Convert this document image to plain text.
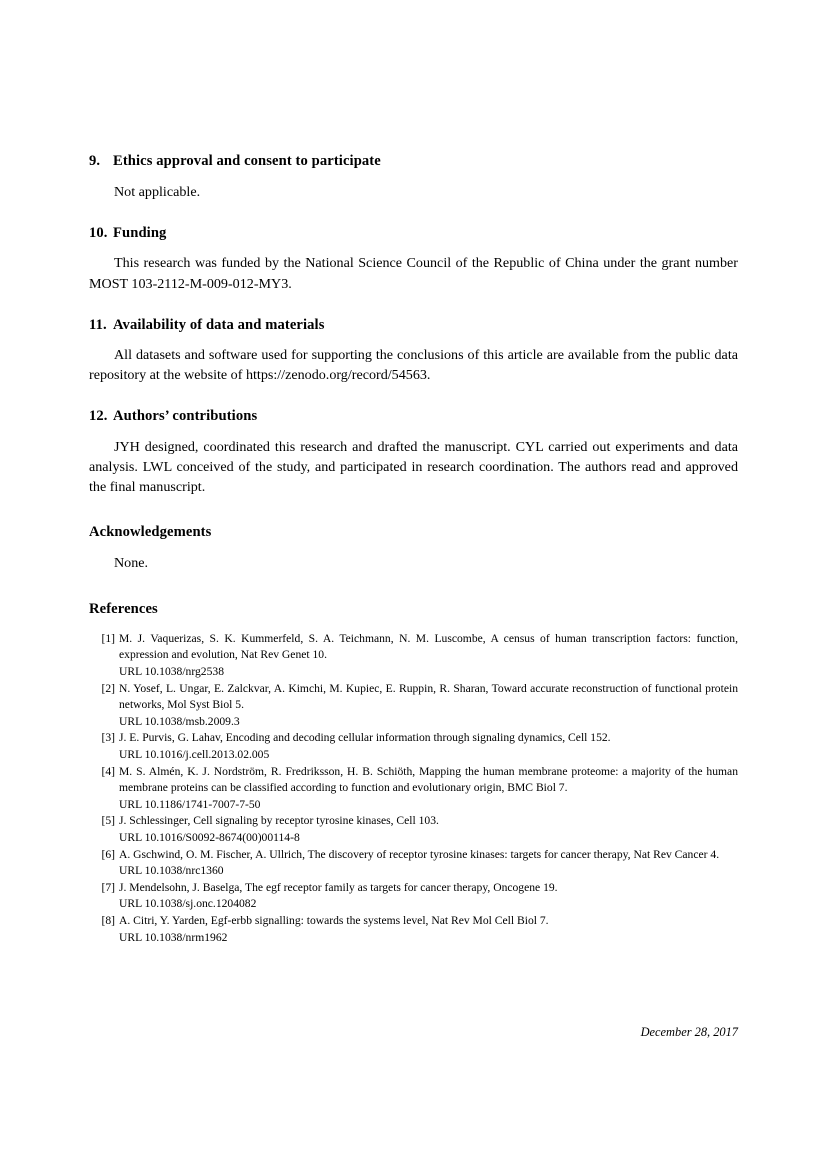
9. Ethics approval and consent to participate

Not applicable.

10. Funding

This research was funded by the National Science Council of the Republic of China under the grant number MOST 103-2112-M-009-012-MY3.

11. Availability of data and materials

All datasets and software used for supporting the conclusions of this article are available from the public data repository at the website of https://zenodo.org/record/54563.

12. Authors’ contributions

JYH designed, coordinated this research and drafted the manuscript. CYL carried out experiments and data analysis. LWL conceived of the study, and participated in research coordination. The authors read and approved the final manuscript.

Acknowledgements

None.

References
[1] M. J. Vaquerizas, S. K. Kummerfeld, S. A. Teichmann, N. M. Luscombe, A census of human transcription factors: function, expression and evolution, Nat Rev Genet 10.
URL 10.1038/nrg2538
[2] N. Yosef, L. Ungar, E. Zalckvar, A. Kimchi, M. Kupiec, E. Ruppin, R. Sharan, Toward accurate reconstruction of functional protein networks, Mol Syst Biol 5.
URL 10.1038/msb.2009.3
[3] J. E. Purvis, G. Lahav, Encoding and decoding cellular information through signaling dynamics, Cell 152.
URL 10.1016/j.cell.2013.02.005
[4] M. S. Almén, K. J. Nordström, R. Fredriksson, H. B. Schiöth, Mapping the human membrane proteome: a majority of the human membrane proteins can be classified according to function and evolutionary origin, BMC Biol 7.
URL 10.1186/1741-7007-7-50
[5] J. Schlessinger, Cell signaling by receptor tyrosine kinases, Cell 103.
URL 10.1016/S0092-8674(00)00114-8
[6] A. Gschwind, O. M. Fischer, A. Ullrich, The discovery of receptor tyrosine kinases: targets for cancer therapy, Nat Rev Cancer 4.
URL 10.1038/nrc1360
[7] J. Mendelsohn, J. Baselga, The egf receptor family as targets for cancer therapy, Oncogene 19.
URL 10.1038/sj.onc.1204082
[8] A. Citri, Y. Yarden, Egf-erbb signalling: towards the systems level, Nat Rev Mol Cell Biol 7.
URL 10.1038/nrm1962
December 28, 2017
